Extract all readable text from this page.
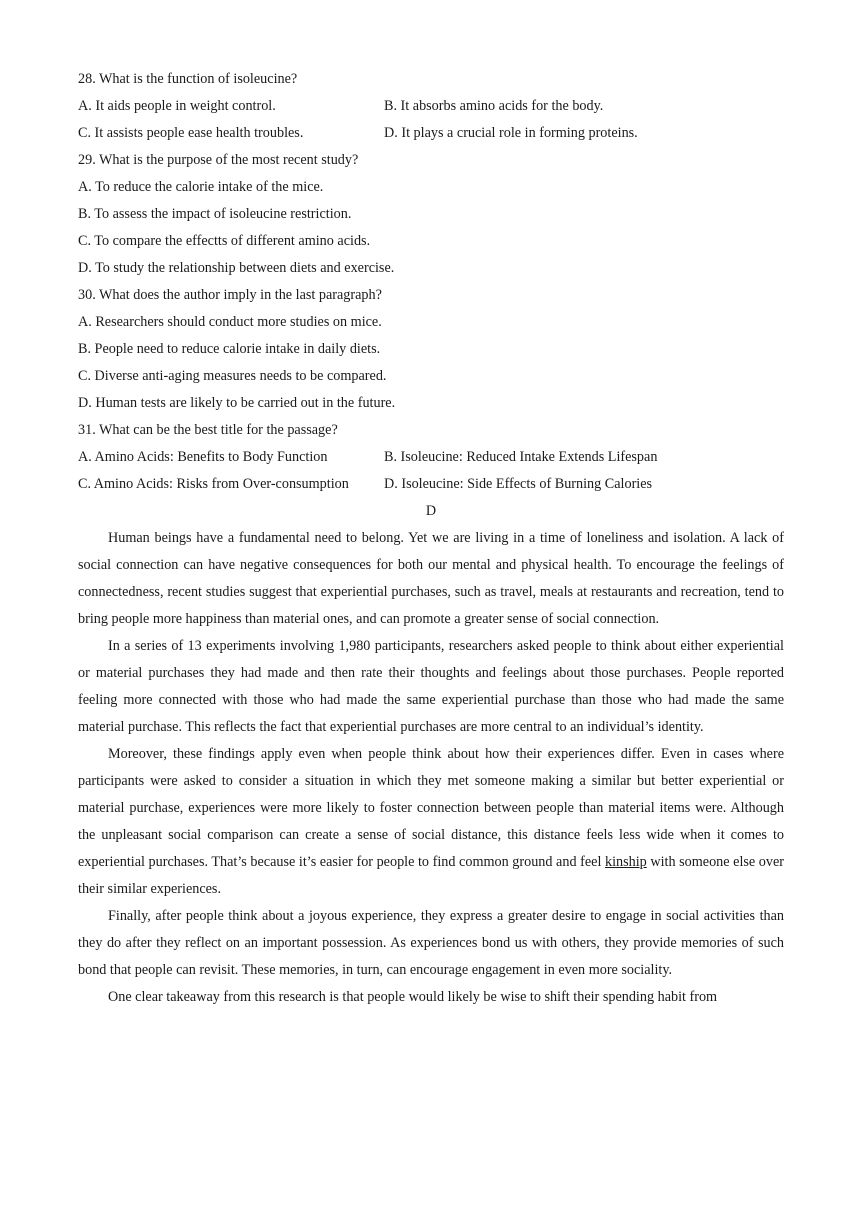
28. What is the function of isoleucine?
A. It aids people in weight control.	B. It absorbs amino acids for the body.
C. It assists people ease health troubles.	D. It plays a crucial role in forming proteins.
29. What is the purpose of the most recent study?
A. To reduce the calorie intake of the mice.
B. To assess the impact of isoleucine restriction.
C. To compare the effectts of different amino acids.
D. To study the relationship between diets and exercise.
30. What does the author imply in the last paragraph?
A. Researchers should conduct more studies on mice.
B. People need to reduce calorie intake in daily diets.
C. Diverse anti-aging measures needs to be compared.
D. Human tests are likely to be carried out in the future.
31. What can be the best title for the passage?
A. Amino Acids: Benefits to Body Function	B. Isoleucine: Reduced Intake Extends Lifespan
C. Amino Acids: Risks from Over-consumption	D. Isoleucine: Side Effects of Burning Calories
D

Human beings have a fundamental need to belong. Yet we are living in a time of loneliness and isolation. A lack of social connection can have negative consequences for both our mental and physical health. To encourage the feelings of connectedness, recent studies suggest that experiential purchases, such as travel, meals at restaurants and recreation, tend to bring people more happiness than material ones, and can promote a greater sense of social connection.

In a series of 13 experiments involving 1,980 participants, researchers asked people to think about either experiential or material purchases they had made and then rate their thoughts and feelings about those purchases. People reported feeling more connected with those who had made the same experiential purchase than those who had made the same material purchase. This reflects the fact that experiential purchases are more central to an individual’s identity.

Moreover, these findings apply even when people think about how their experiences differ. Even in cases where participants were asked to consider a situation in which they met someone making a similar but better experiential or material purchase, experiences were more likely to foster connection between people than material items were. Although the unpleasant social comparison can create a sense of social distance, this distance feels less wide when it comes to experiential purchases. That’s because it’s easier for people to find common ground and feel kinship with someone else over their similar experiences.

Finally, after people think about a joyous experience, they express a greater desire to engage in social activities than they do after they reflect on an important possession. As experiences bond us with others, they provide memories of such bond that people can revisit. These memories, in turn, can encourage engagement in even more sociality.

One clear takeaway from this research is that people would likely be wise to shift their spending habit from
